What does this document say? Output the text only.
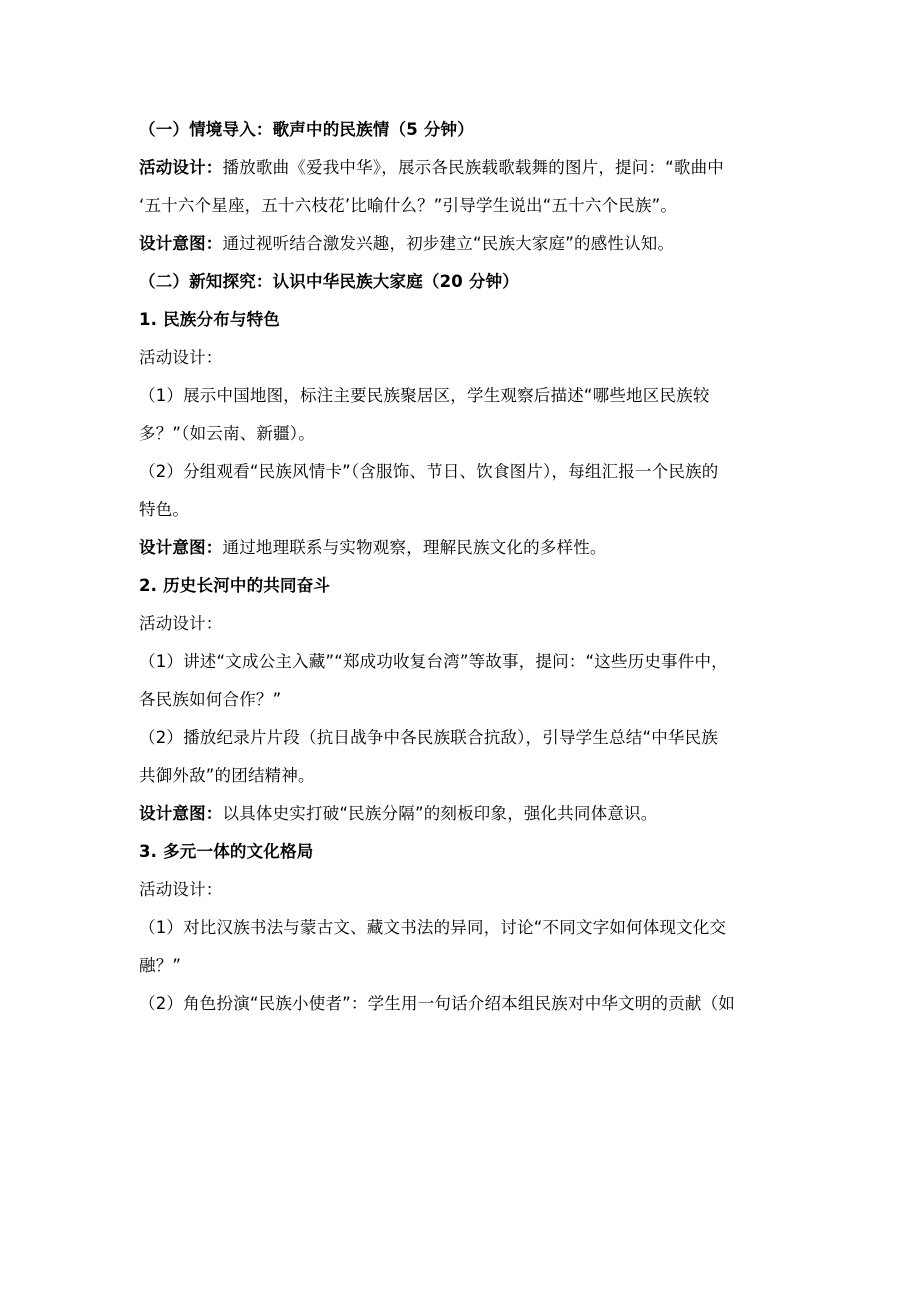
（一）情境导入：歌声中的民族情（5 分钟）
活动设计：播放歌曲《爱我中华》，展示各民族载歌载舞的图片，提问：“歌曲中
‘五十六个星座，五十六枝花’比喻什么？”引导学生说出“五十六个民族”。
设计意图：通过视听结合激发兴趣，初步建立“民族大家庭”的感性认知。
（二）新知探究：认识中华民族大家庭（20 分钟）
1. 民族分布与特色
活动设计：
（1）展示中国地图，标注主要民族聚居区，学生观察后描述“哪些地区民族较
多？”（如云南、新疆）。
（2）分组观看“民族风情卡”（含服饰、节日、饮食图片），每组汇报一个民族的
特色。
设计意图：通过地理联系与实物观察，理解民族文化的多样性。
2. 历史长河中的共同奋斗
活动设计：
（1）讲述“文成公主入藏”“郑成功收复台湾”等故事，提问：“这些历史事件中，
各民族如何合作？”
（2）播放纪录片片段（抗日战争中各民族联合抗敌），引导学生总结“中华民族
共御外敌”的团结精神。
设计意图：以具体史实打破“民族分隔”的刻板印象，强化共同体意识。
3. 多元一体的文化格局
活动设计：
（1）对比汉族书法与蒙古文、藏文书法的异同，讨论“不同文字如何体现文化交
融？”
（2）角色扮演“民族小使者”：学生用一句话介绍本组民族对中华文明的贡献（如
